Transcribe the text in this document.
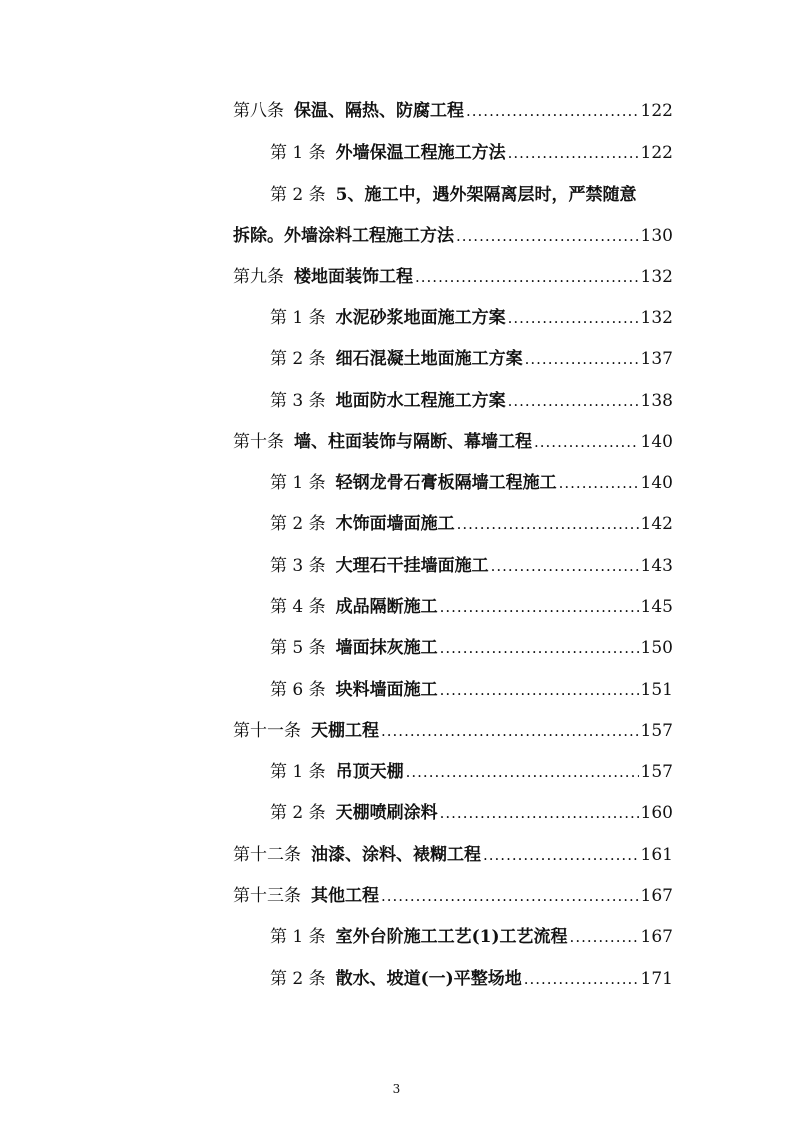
第八条 保温、隔热、防腐工程 .....	122
第 1 条 外墙保温工程施工方法 .....	122
第 2 条 5、施工中，遇外架隔离层时，严禁随意
拆除。外墙涂料工程施工方法 .....	130
第九条 楼地面装饰工程 .....	132
第 1 条 水泥砂浆地面施工方案 .....	132
第 2 条 细石混凝土地面施工方案 .....	137
第 3 条 地面防水工程施工方案 .....	138
第十条 墙、柱面装饰与隔断、幕墙工程 .....	140
第 1 条 轻钢龙骨石膏板隔墙工程施工 .....	140
第 2 条 木饰面墙面施工 .....	142
第 3 条 大理石干挂墙面施工 .....	143
第 4 条 成品隔断施工 .....	145
第 5 条 墙面抹灰施工 .....	150
第 6 条 块料墙面施工 .....	151
第十一条 天棚工程 .....	157
第 1 条 吊顶天棚 .....	157
第 2 条 天棚喷刷涂料 .....	160
第十二条 油漆、涂料、裱糊工程 .....	161
第十三条 其他工程 .....	167
第 1 条 室外台阶施工工艺(1)工艺流程 .....	167
第 2 条 散水、坡道(一)平整场地 .....	171
3
